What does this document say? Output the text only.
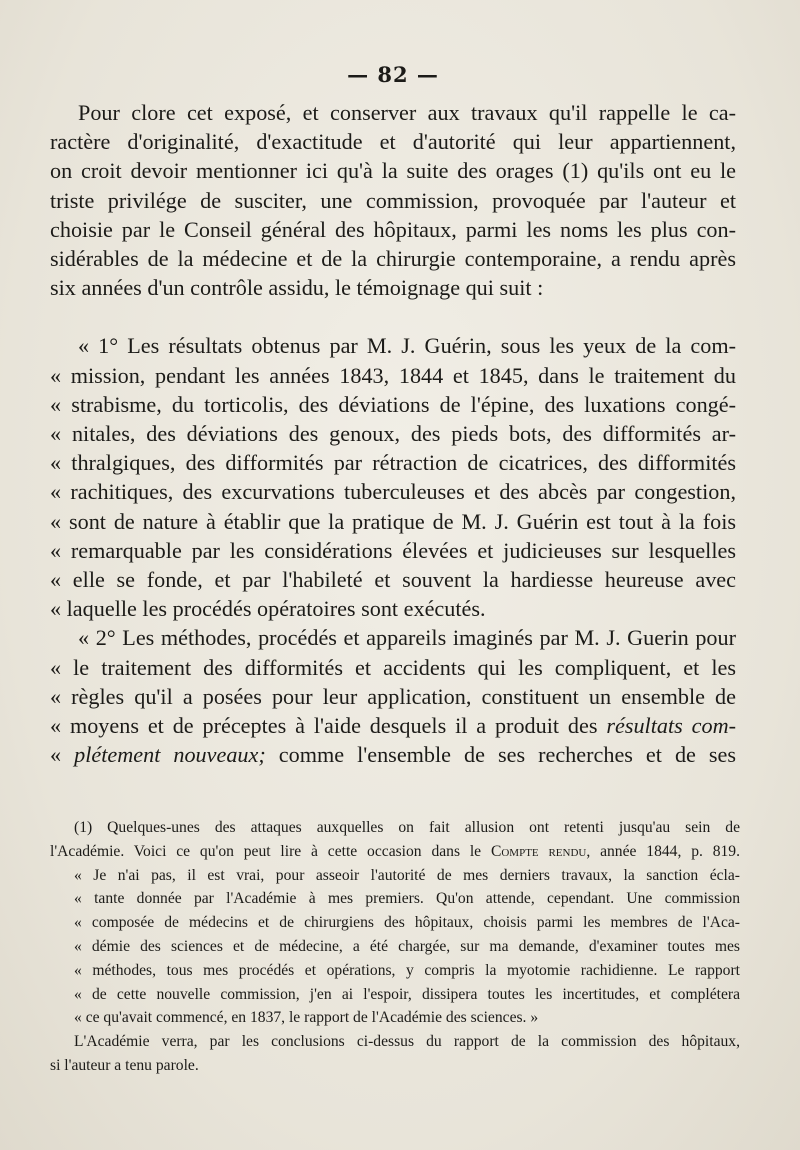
— 82 —

Pour clore cet exposé, et conserver aux travaux qu'il rappelle le ca-
ractère d'originalité, d'exactitude et d'autorité qui leur appartiennent,
on croit devoir mentionner ici qu'à la suite des orages (1) qu'ils ont eu le
triste privilége de susciter, une commission, provoquée par l'auteur et
choisie par le Conseil général des hôpitaux, parmi les noms les plus con-
sidérables de la médecine et de la chirurgie contemporaine, a rendu après
six années d'un contrôle assidu, le témoignage qui suit :

« 1° Les résultats obtenus par M. J. Guérin, sous les yeux de la com-
« mission, pendant les années 1843, 1844 et 1845, dans le traitement du
« strabisme, du torticolis, des déviations de l'épine, des luxations congé-
« nitales, des déviations des genoux, des pieds bots, des difformités ar-
« thralgiques, des difformités par rétraction de cicatrices, des difformités
« rachitiques, des excurvations tuberculeuses et des abcès par congestion,
« sont de nature à établir que la pratique de M. J. Guérin est tout à la fois
« remarquable par les considérations élevées et judicieuses sur lesquelles
« elle se fonde, et par l'habileté et souvent la hardiesse heureuse avec
« laquelle les procédés opératoires sont exécutés.

« 2° Les méthodes, procédés et appareils imaginés par M. J. Guerin pour
« le traitement des difformités et accidents qui les compliquent, et les
« règles qu'il a posées pour leur application, constituent un ensemble de
« moyens et de préceptes à l'aide desquels il a produit des résultats com-
« plétement nouveaux; comme l'ensemble de ses recherches et de ses

(1) Quelques-unes des attaques auxquelles on fait allusion ont retenti jusqu'au sein de
l'Académie. Voici ce qu'on peut lire à cette occasion dans le Compte rendu, année 1844, p. 819.
« Je n'ai pas, il est vrai, pour asseoir l'autorité de mes derniers travaux, la sanction écla-
« tante donnée par l'Académie à mes premiers. Qu'on attende, cependant. Une commission
« composée de médecins et de chirurgiens des hôpitaux, choisis parmi les membres de l'Aca-
« démie des sciences et de médecine, a été chargée, sur ma demande, d'examiner toutes mes
« méthodes, tous mes procédés et opérations, y compris la myotomie rachidienne. Le rapport
« de cette nouvelle commission, j'en ai l'espoir, dissipera toutes les incertitudes, et complétera
« ce qu'avait commencé, en 1837, le rapport de l'Académie des sciences. »
L'Académie verra, par les conclusions ci-dessus du rapport de la commission des hôpitaux,
si l'auteur a tenu parole.
